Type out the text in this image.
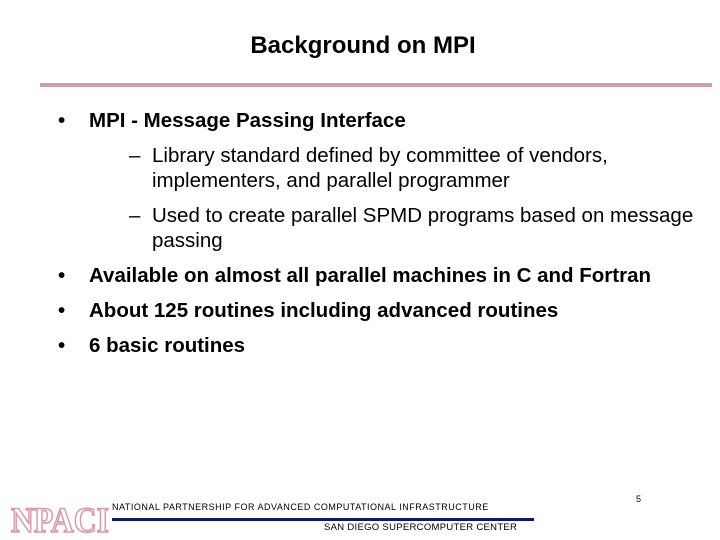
Background on MPI
• MPI - Message Passing Interface
– Library standard defined by committee of vendors, implementers, and parallel programmer
– Used to create parallel SPMD programs based on message passing
• Available on almost all parallel machines in C and Fortran
• About 125 routines including advanced routines
• 6 basic routines
NPACI NATIONAL PARTNERSHIP FOR ADVANCED COMPUTATIONAL INFRASTRUCTURE
SAN DIEGO SUPERCOMPUTER CENTER
5
